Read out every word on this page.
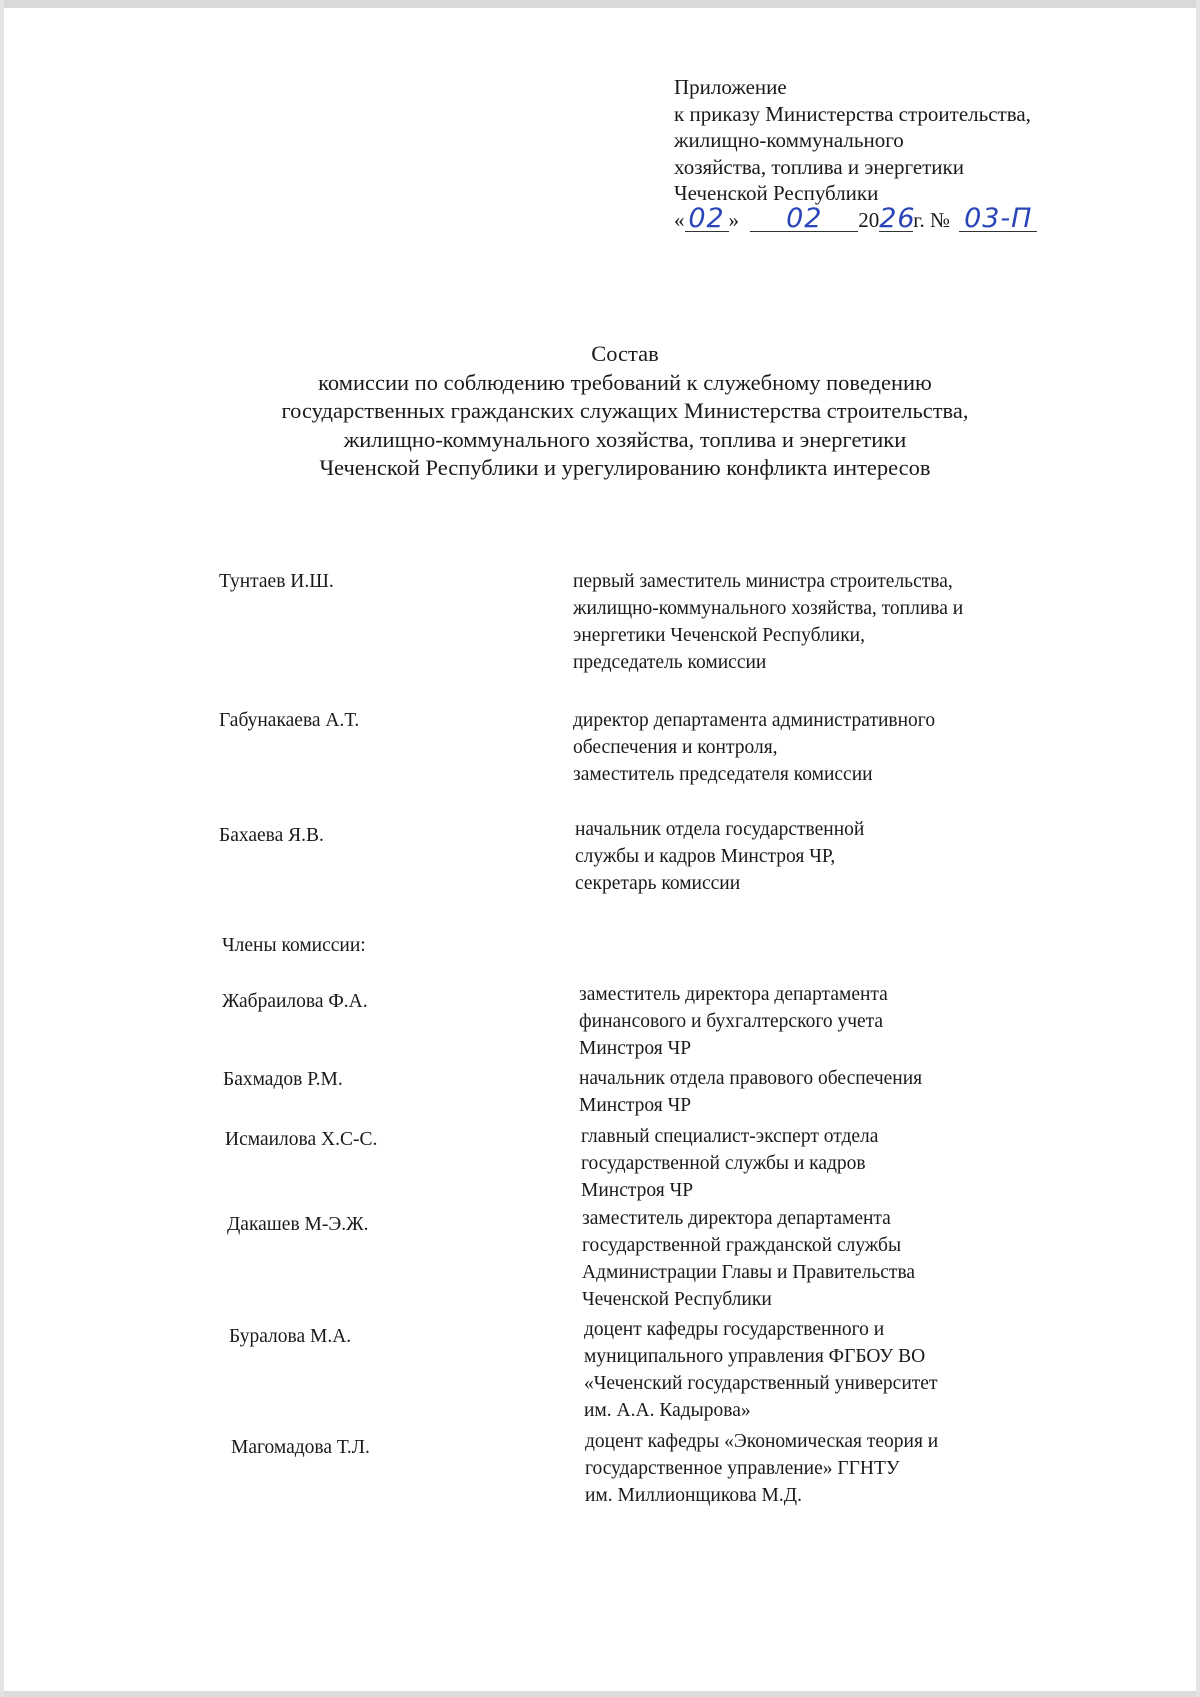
Приложение
к приказу Министерства строительства,
жилищно-коммунального
хозяйства, топлива и энергетики
Чеченской Республики
« 02 » 02 2026г. № 03-П
Состав
комиссии по соблюдению требований к служебному поведению
государственных гражданских служащих Министерства строительства,
жилищно-коммунального хозяйства, топлива и энергетики
Чеченской Республики и урегулированию конфликта интересов
Тунтаев И.Ш.	первый заместитель министра строительства,
жилищно-коммунального хозяйства, топлива и
энергетики Чеченской Республики,
председатель комиссии
Габунакаева А.Т.	директор департамента административного
обеспечения и контроля,
заместитель председателя комиссии
Бахаева Я.В.	начальник отдела государственной
службы и кадров Минстроя ЧР,
секретарь комиссии
Члены комиссии:
Жабраилова Ф.А.	заместитель директора департамента
финансового и бухгалтерского учета
Минстроя ЧР
Бахмадов Р.М.	начальник отдела правового обеспечения
Минстроя ЧР
Исмаилова Х.С-С.	главный специалист-эксперт отдела
государственной службы и кадров
Минстроя ЧР
Дакашев М-Э.Ж.	заместитель директора департамента
государственной гражданской службы
Администрации Главы и Правительства
Чеченской Республики
Буралова М.А.	доцент кафедры государственного и
муниципального управления ФГБОУ ВО
«Чеченский государственный университет
им. А.А. Кадырова»
Магомадова Т.Л.	доцент кафедры «Экономическая теория и
государственное управление» ГГНТУ
им. Миллионщикова М.Д.
